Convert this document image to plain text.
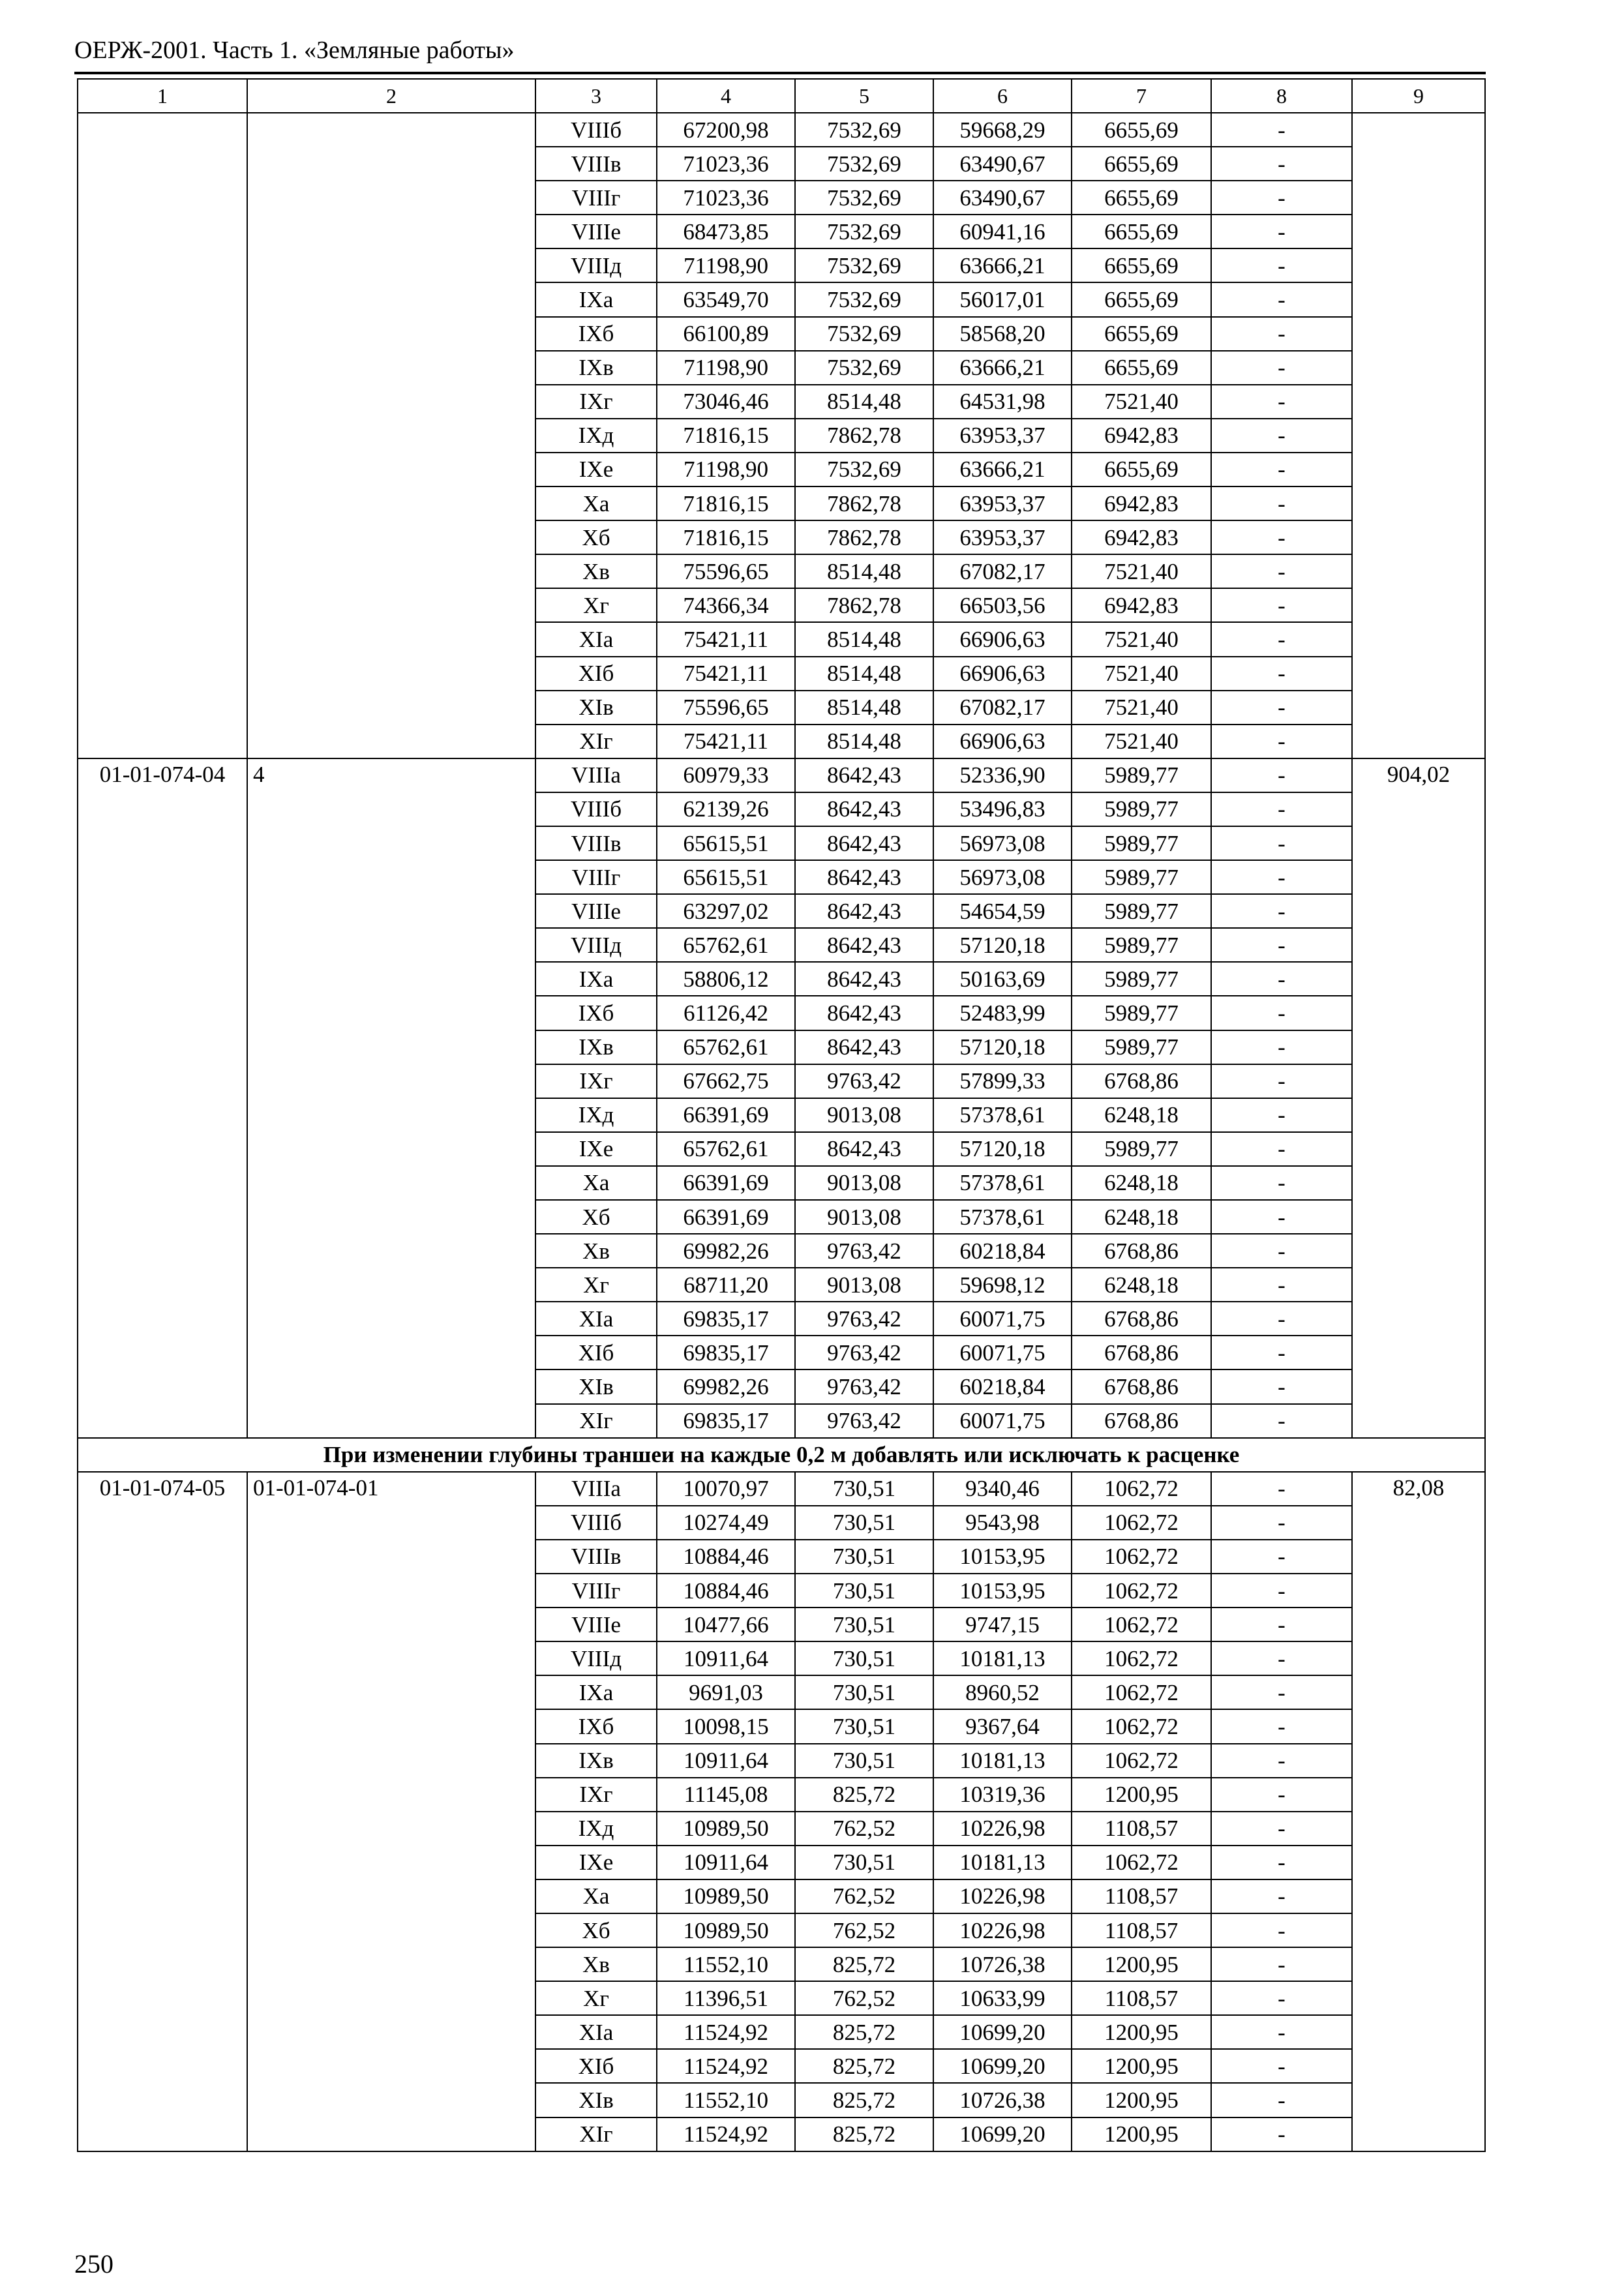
ОЕРЖ-2001. Часть 1. «Земляные работы»
1	2	3	4	5	6	7	8	9
		VIIIб	67200,98	7532,69	59668,29	6655,69	-	
		VIIIв	71023,36	7532,69	63490,67	6655,69	-	
		VIIIг	71023,36	7532,69	63490,67	6655,69	-	
		VIIIе	68473,85	7532,69	60941,16	6655,69	-	
		VIIIд	71198,90	7532,69	63666,21	6655,69	-	
		IXа	63549,70	7532,69	56017,01	6655,69	-	
		IXб	66100,89	7532,69	58568,20	6655,69	-	
		IXв	71198,90	7532,69	63666,21	6655,69	-	
		IXг	73046,46	8514,48	64531,98	7521,40	-	
		IXд	71816,15	7862,78	63953,37	6942,83	-	
		IXе	71198,90	7532,69	63666,21	6655,69	-	
		Xа	71816,15	7862,78	63953,37	6942,83	-	
		Xб	71816,15	7862,78	63953,37	6942,83	-	
		Xв	75596,65	8514,48	67082,17	7521,40	-	
		Xг	74366,34	7862,78	66503,56	6942,83	-	
		XIа	75421,11	8514,48	66906,63	7521,40	-	
		XIб	75421,11	8514,48	66906,63	7521,40	-	
		XIв	75596,65	8514,48	67082,17	7521,40	-	
		XIг	75421,11	8514,48	66906,63	7521,40	-	
01-01-074-04	4	VIIIа	60979,33	8642,43	52336,90	5989,77	-	904,02
		VIIIб	62139,26	8642,43	53496,83	5989,77	-	
		VIIIв	65615,51	8642,43	56973,08	5989,77	-	
		VIIIг	65615,51	8642,43	56973,08	5989,77	-	
		VIIIе	63297,02	8642,43	54654,59	5989,77	-	
		VIIIд	65762,61	8642,43	57120,18	5989,77	-	
		IXа	58806,12	8642,43	50163,69	5989,77	-	
		IXб	61126,42	8642,43	52483,99	5989,77	-	
		IXв	65762,61	8642,43	57120,18	5989,77	-	
		IXг	67662,75	9763,42	57899,33	6768,86	-	
		IXд	66391,69	9013,08	57378,61	6248,18	-	
		IXе	65762,61	8642,43	57120,18	5989,77	-	
		Xа	66391,69	9013,08	57378,61	6248,18	-	
		Xб	66391,69	9013,08	57378,61	6248,18	-	
		Xв	69982,26	9763,42	60218,84	6768,86	-	
		Xг	68711,20	9013,08	59698,12	6248,18	-	
		XIа	69835,17	9763,42	60071,75	6768,86	-	
		XIб	69835,17	9763,42	60071,75	6768,86	-	
		XIв	69982,26	9763,42	60218,84	6768,86	-	
		XIг	69835,17	9763,42	60071,75	6768,86	-	
При изменении глубины траншеи на каждые 0,2 м добавлять или исключать к расценке								
01-01-074-05	01-01-074-01	VIIIа	10070,97	730,51	9340,46	1062,72	-	82,08
		VIIIб	10274,49	730,51	9543,98	1062,72	-	
		VIIIв	10884,46	730,51	10153,95	1062,72	-	
		VIIIг	10884,46	730,51	10153,95	1062,72	-	
		VIIIе	10477,66	730,51	9747,15	1062,72	-	
		VIIIд	10911,64	730,51	10181,13	1062,72	-	
		IXа	9691,03	730,51	8960,52	1062,72	-	
		IXб	10098,15	730,51	9367,64	1062,72	-	
		IXв	10911,64	730,51	10181,13	1062,72	-	
		IXг	11145,08	825,72	10319,36	1200,95	-	
		IXд	10989,50	762,52	10226,98	1108,57	-	
		IXе	10911,64	730,51	10181,13	1062,72	-	
		Xа	10989,50	762,52	10226,98	1108,57	-	
		Xб	10989,50	762,52	10226,98	1108,57	-	
		Xв	11552,10	825,72	10726,38	1200,95	-	
		Xг	11396,51	762,52	10633,99	1108,57	-	
		XIа	11524,92	825,72	10699,20	1200,95	-	
		XIб	11524,92	825,72	10699,20	1200,95	-	
		XIв	11552,10	825,72	10726,38	1200,95	-	
		XIг	11524,92	825,72	10699,20	1200,95	-	
250
